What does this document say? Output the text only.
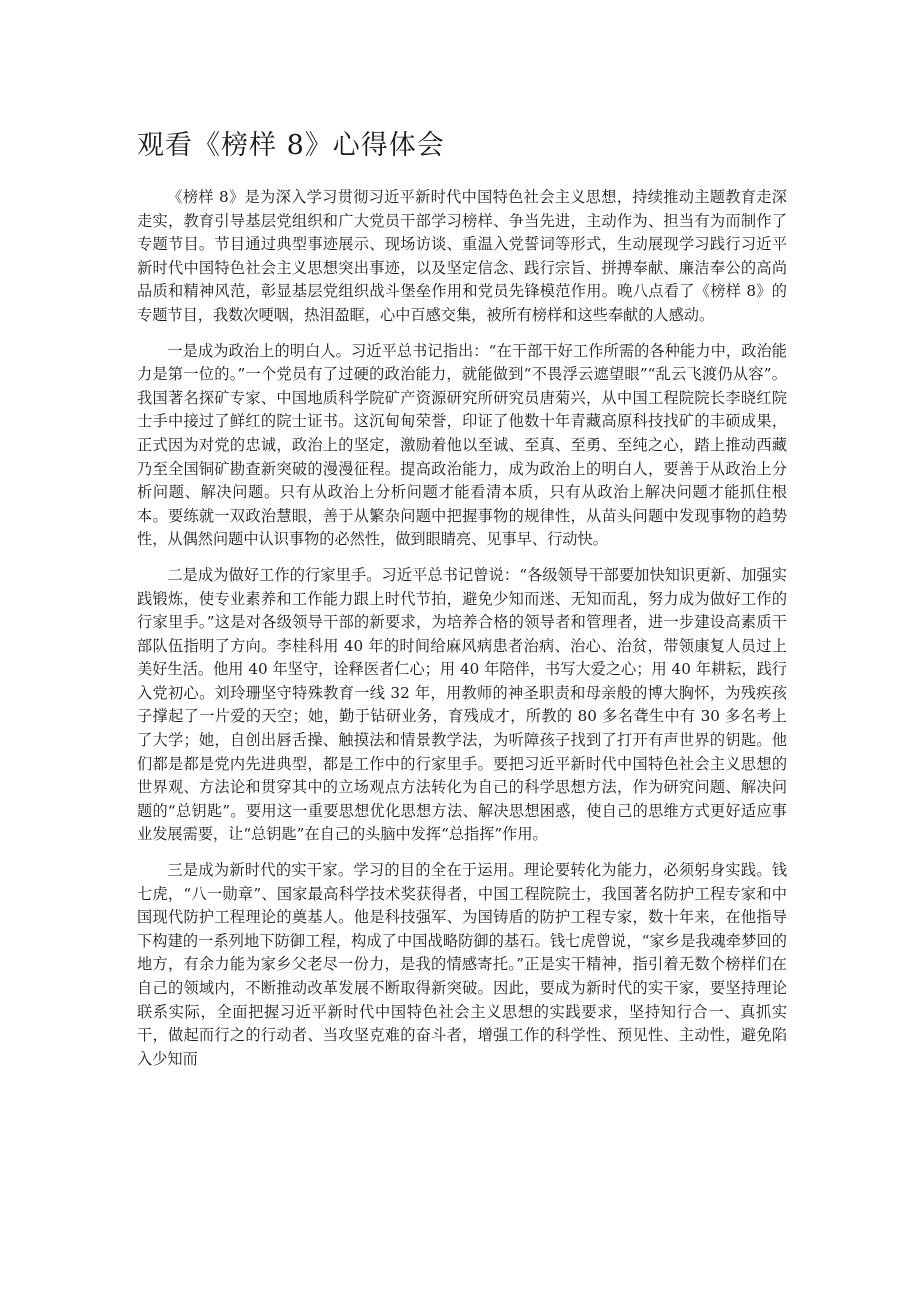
观看《榜样 8》心得体会

《榜样 8》是为深入学习贯彻习近平新时代中国特色社会主义思想，持续推动主题教育走深走实，教育引导基层党组织和广大党员干部学习榜样、争当先进，主动作为、担当有为而制作了专题节目。节目通过典型事迹展示、现场访谈、重温入党誓词等形式，生动展现学习践行习近平新时代中国特色社会主义思想突出事迹，以及坚定信念、践行宗旨、拼搏奉献、廉洁奉公的高尚品质和精神风范，彰显基层党组织战斗堡垒作用和党员先锋模范作用。晚八点看了《榜样 8》的专题节目，我数次哽咽，热泪盈眶，心中百感交集，被所有榜样和这些奉献的人感动。

一是成为政治上的明白人。习近平总书记指出：“在干部干好工作所需的各种能力中，政治能力是第一位的。”一个党员有了过硬的政治能力，就能做到“不畏浮云遮望眼”“乱云飞渡仍从容”。我国著名探矿专家、中国地质科学院矿产资源研究所研究员唐菊兴，从中国工程院院长李晓红院士手中接过了鲜红的院士证书。这沉甸甸荣誉，印证了他数十年青藏高原科技找矿的丰硕成果，正式因为对党的忠诚，政治上的坚定，激励着他以至诚、至真、至勇、至纯之心，踏上推动西藏乃至全国铜矿勘查新突破的漫漫征程。提高政治能力，成为政治上的明白人，要善于从政治上分析问题、解决问题。只有从政治上分析问题才能看清本质，只有从政治上解决问题才能抓住根本。要练就一双政治慧眼，善于从繁杂问题中把握事物的规律性，从苗头问题中发现事物的趋势性，从偶然问题中认识事物的必然性，做到眼睛亮、见事早、行动快。

二是成为做好工作的行家里手。习近平总书记曾说：“各级领导干部要加快知识更新、加强实践锻炼，使专业素养和工作能力跟上时代节拍，避免少知而迷、无知而乱，努力成为做好工作的行家里手。”这是对各级领导干部的新要求，为培养合格的领导者和管理者，进一步建设高素质干部队伍指明了方向。李桂科用 40 年的时间给麻风病患者治病、治心、治贫，带领康复人员过上美好生活。他用 40 年坚守，诠释医者仁心；用 40 年陪伴，书写大爱之心；用 40 年耕耘，践行入党初心。刘玲珊坚守特殊教育一线 32 年，用教师的神圣职责和母亲般的博大胸怀，为残疾孩子撑起了一片爱的天空；她，勤于钻研业务，育残成才，所教的 80 多名聋生中有 30 多名考上了大学；她，自创出唇舌操、触摸法和情景教学法，为听障孩子找到了打开有声世界的钥匙。他们都是都是党内先进典型，都是工作中的行家里手。要把习近平新时代中国特色社会主义思想的世界观、方法论和贯穿其中的立场观点方法转化为自己的科学思想方法，作为研究问题、解决问题的“总钥匙”。要用这一重要思想优化思想方法、解决思想困惑，使自己的思维方式更好适应事业发展需要，让“总钥匙”在自己的头脑中发挥“总指挥”作用。

三是成为新时代的实干家。学习的目的全在于运用。理论要转化为能力，必须躬身实践。钱七虎，“八一勋章”、国家最高科学技术奖获得者，中国工程院院士，我国著名防护工程专家和中国现代防护工程理论的奠基人。他是科技强军、为国铸盾的防护工程专家，数十年来，在他指导下构建的一系列地下防御工程，构成了中国战略防御的基石。钱七虎曾说，“家乡是我魂牵梦回的地方，有余力能为家乡父老尽一份力，是我的情感寄托。”正是实干精神，指引着无数个榜样们在自己的领域内，不断推动改革发展不断取得新突破。因此，要成为新时代的实干家，要坚持理论联系实际，全面把握习近平新时代中国特色社会主义思想的实践要求，坚持知行合一、真抓实干，做起而行之的行动者、当攻坚克难的奋斗者，增强工作的科学性、预见性、主动性，避免陷入少知而
